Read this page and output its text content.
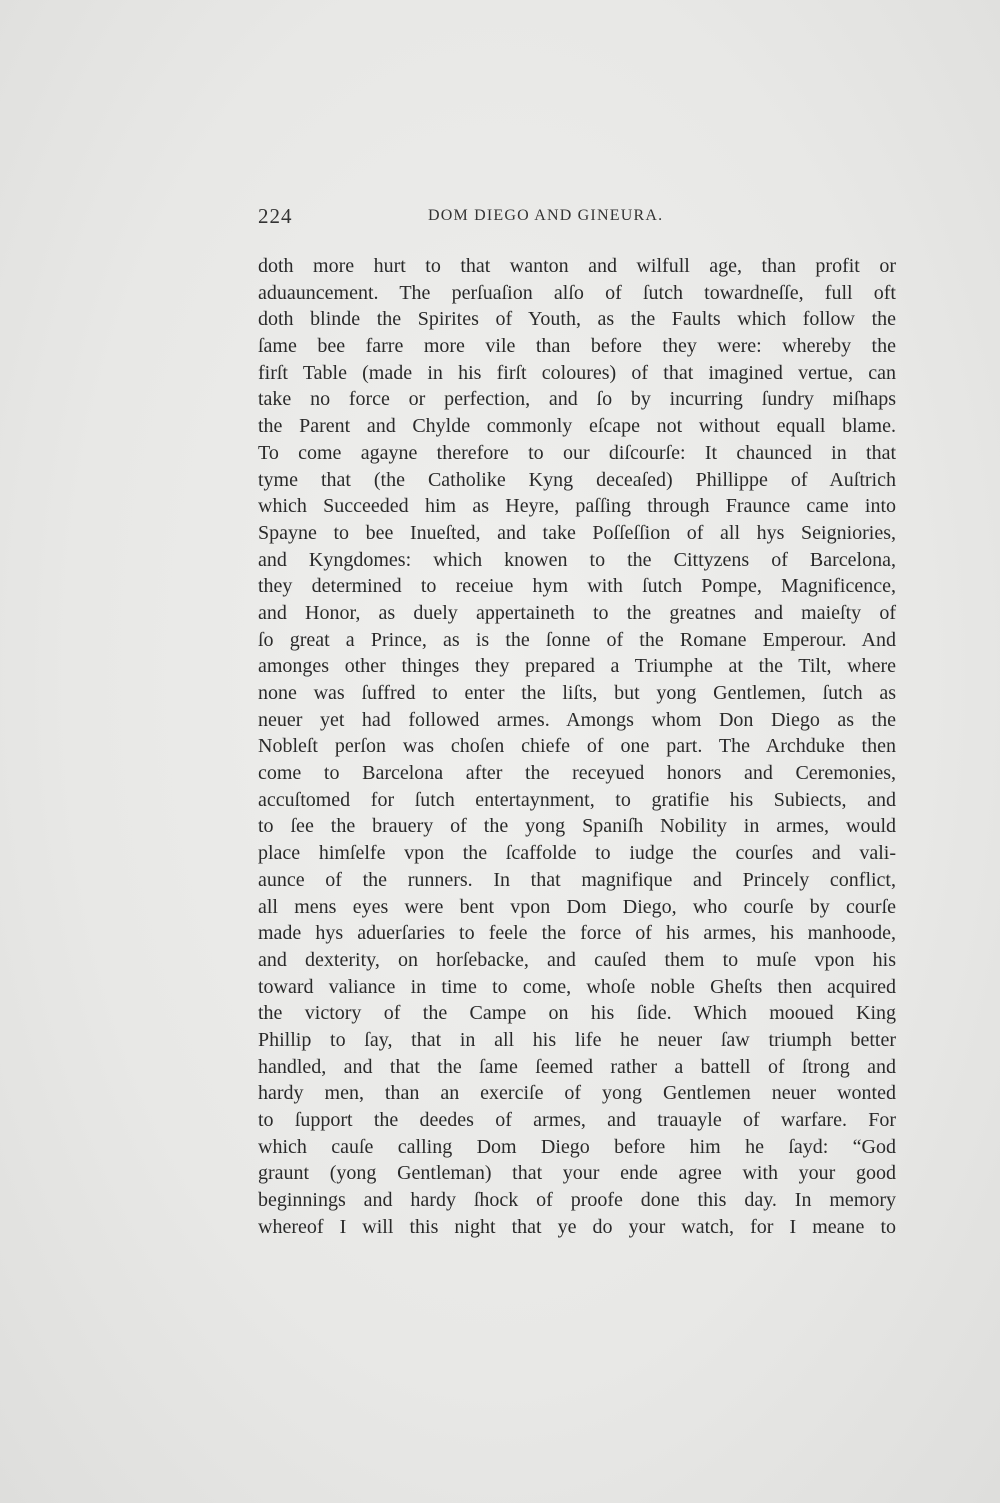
224	DOM DIEGO AND GINEURA.
doth more hurt to that wanton and wilfull age, than profit or
aduauncement. The perſuaſion alſo of ſutch towardneſſe, full oft
doth blinde the Spirites of Youth, as the Faults which follow the
ſame bee farre more vile than before they were: whereby the
firſt Table (made in his firſt coloures) of that imagined vertue, can
take no force or perfection, and ſo by incurring ſundry miſhaps
the Parent and Chylde commonly eſcape not without equall blame.
To come agayne therefore to our diſcourſe: It chaunced in that
tyme that (the Catholike Kyng deceaſed) Phillippe of Auſtrich
which Succeeded him as Heyre, paſſing through Fraunce came into
Spayne to bee Inueſted, and take Poſſeſſion of all hys Seigniories,
and Kyngdomes: which knowen to the Cittyzens of Barcelona,
they determined to receiue hym with ſutch Pompe, Magnificence,
and Honor, as duely appertaineth to the greatnes and maieſty of
ſo great a Prince, as is the ſonne of the Romane Emperour. And
amonges other thinges they prepared a Triumphe at the Tilt, where
none was ſuffred to enter the liſts, but yong Gentlemen, ſutch as
neuer yet had followed armes. Amongs whom Don Diego as the
Nobleſt perſon was choſen chiefe of one part. The Archduke then
come to Barcelona after the receyued honors and Ceremonies,
accuſtomed for ſutch entertaynment, to gratifie his Subiects, and
to ſee the brauery of the yong Spaniſh Nobility in armes, would
place himſelfe vpon the ſcaffolde to iudge the courſes and vali-
aunce of the runners. In that magnifique and Princely conflict,
all mens eyes were bent vpon Dom Diego, who courſe by courſe
made hys aduerſaries to feele the force of his armes, his manhoode,
and dexterity, on horſebacke, and cauſed them to muſe vpon his
toward valiance in time to come, whoſe noble Gheſts then acquired
the victory of the Campe on his ſide. Which mooued King
Phillip to ſay, that in all his life he neuer ſaw triumph better
handled, and that the ſame ſeemed rather a battell of ſtrong and
hardy men, than an exerciſe of yong Gentlemen neuer wonted
to ſupport the deedes of armes, and trauayle of warfare. For
which cauſe calling Dom Diego before him he ſayd: “God
graunt (yong Gentleman) that your ende agree with your good
beginnings and hardy ſhock of proofe done this day. In memory
whereof I will this night that ye do your watch, for I meane to
